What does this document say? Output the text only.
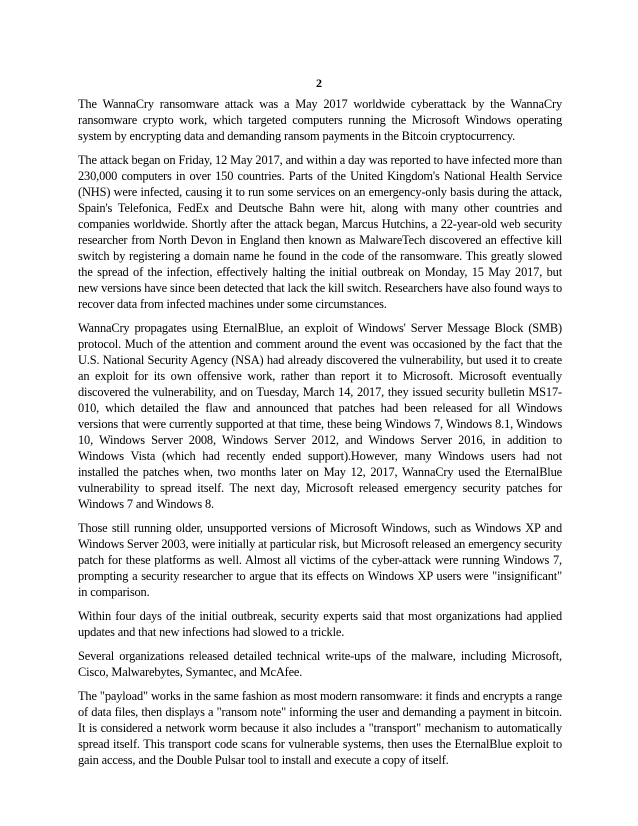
2

The WannaCry ransomware attack was a May 2017 worldwide cyberattack by the WannaCry ransomware crypto work, which targeted computers running the Microsoft Windows operating system by encrypting data and demanding ransom payments in the Bitcoin cryptocurrency.

The attack began on Friday, 12 May 2017, and within a day was reported to have infected more than 230,000 computers in over 150 countries. Parts of the United Kingdom's National Health Service (NHS) were infected, causing it to run some services on an emergency-only basis during the attack, Spain's Telefonica, FedEx and Deutsche Bahn were hit, along with many other countries and companies worldwide. Shortly after the attack began, Marcus Hutchins, a 22-year-old web security researcher from North Devon in England then known as MalwareTech discovered an effective kill switch by registering a domain name he found in the code of the ransomware. This greatly slowed the spread of the infection, effectively halting the initial outbreak on Monday, 15 May 2017, but new versions have since been detected that lack the kill switch. Researchers have also found ways to recover data from infected machines under some circumstances.

WannaCry propagates using EternalBlue, an exploit of Windows' Server Message Block (SMB) protocol. Much of the attention and comment around the event was occasioned by the fact that the U.S. National Security Agency (NSA) had already discovered the vulnerability, but used it to create an exploit for its own offensive work, rather than report it to Microsoft. Microsoft eventually discovered the vulnerability, and on Tuesday, March 14, 2017, they issued security bulletin MS17-010, which detailed the flaw and announced that patches had been released for all Windows versions that were currently supported at that time, these being Windows 7, Windows 8.1, Windows 10, Windows Server 2008, Windows Server 2012, and Windows Server 2016, in addition to Windows Vista (which had recently ended support).However, many Windows users had not installed the patches when, two months later on May 12, 2017, WannaCry used the EternalBlue vulnerability to spread itself. The next day, Microsoft released emergency security patches for Windows 7 and Windows 8.

Those still running older, unsupported versions of Microsoft Windows, such as Windows XP and Windows Server 2003, were initially at particular risk, but Microsoft released an emergency security patch for these platforms as well. Almost all victims of the cyber-attack were running Windows 7, prompting a security researcher to argue that its effects on Windows XP users were "insignificant" in comparison.

Within four days of the initial outbreak, security experts said that most organizations had applied updates and that new infections had slowed to a trickle.

Several organizations released detailed technical write-ups of the malware, including Microsoft, Cisco, Malwarebytes, Symantec, and McAfee.

The "payload" works in the same fashion as most modern ransomware: it finds and encrypts a range of data files, then displays a "ransom note" informing the user and demanding a payment in bitcoin. It is considered a network worm because it also includes a "transport" mechanism to automatically spread itself. This transport code scans for vulnerable systems, then uses the EternalBlue exploit to gain access, and the Double Pulsar tool to install and execute a copy of itself.
